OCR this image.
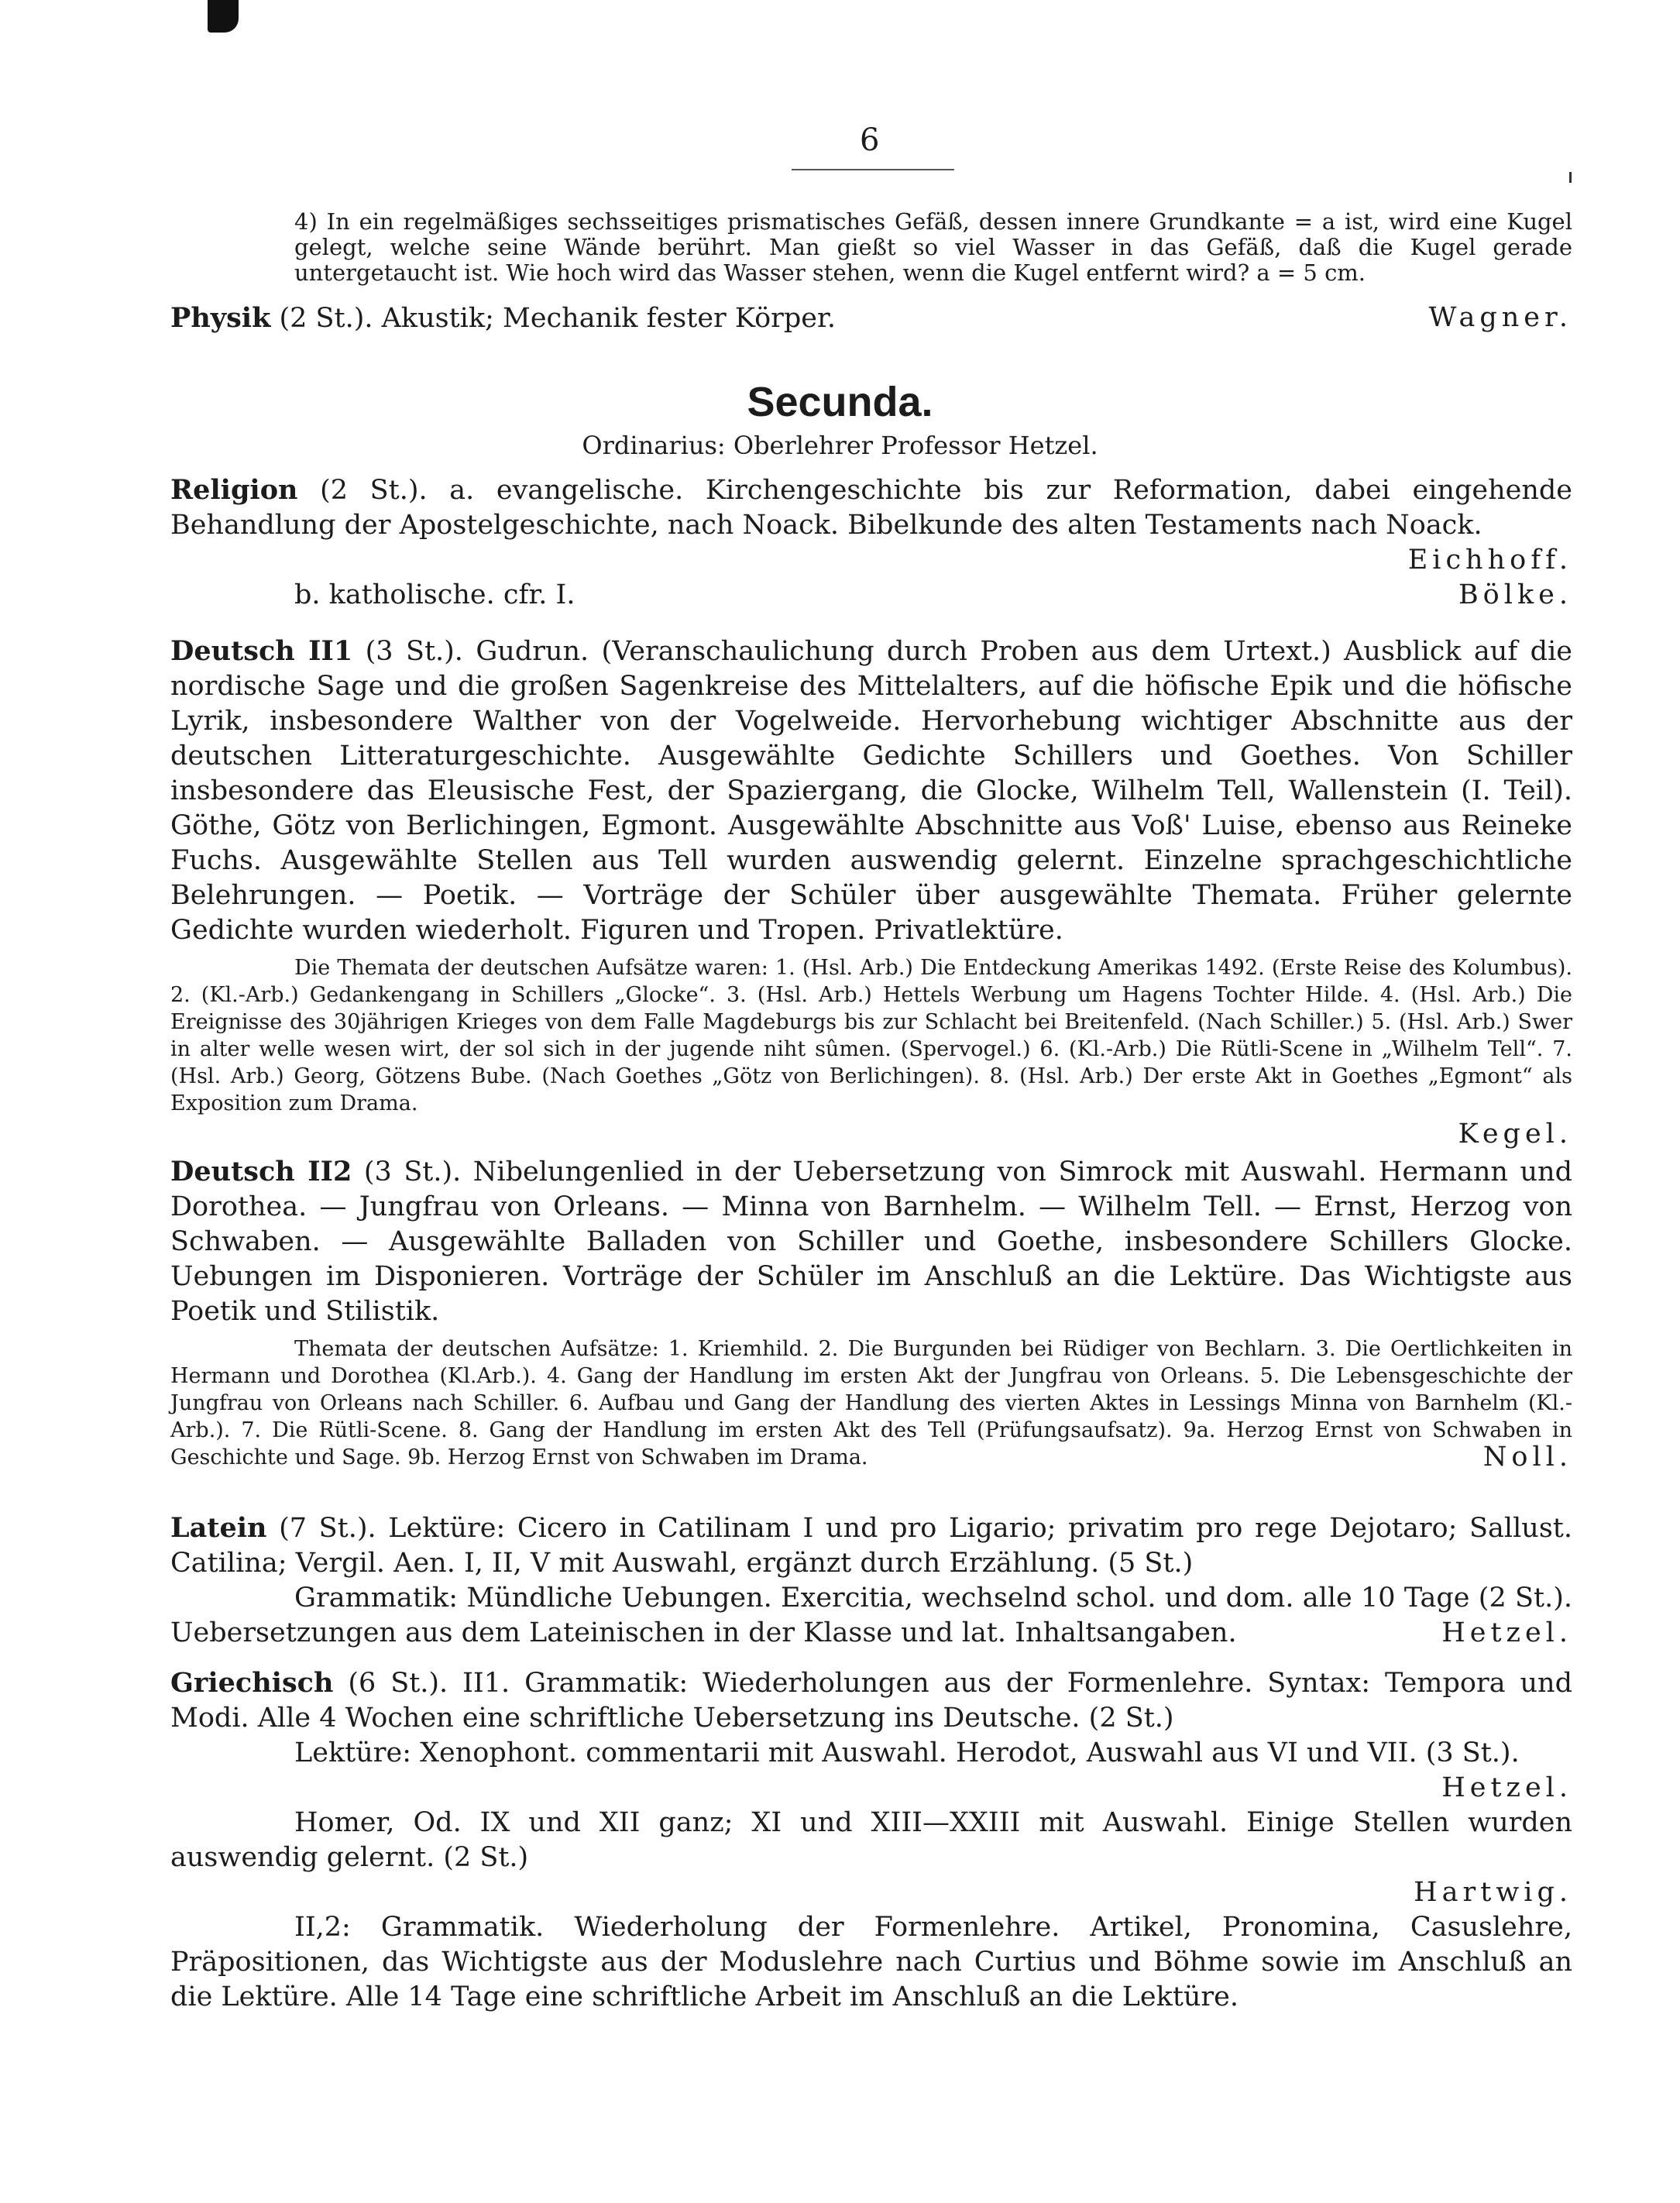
6

4) In ein regelmäßiges sechsseitiges prismatisches Gefäß, dessen innere Grundkante = a ist, wird eine Kugel gelegt, welche seine Wände berührt. Man gießt so viel Wasser in das Gefäß, daß die Kugel gerade untergetaucht ist. Wie hoch wird das Wasser stehen, wenn die Kugel entfernt wird? a = 5 cm.

Physik (2 St.). Akustik; Mechanik fester Körper.	Wagner.

Secunda.
Ordinarius: Oberlehrer Professor Hetzel.

Religion (2 St.). a. evangelische. Kirchengeschichte bis zur Reformation, dabei eingehende Behandlung der Apostelgeschichte, nach Noack. Bibelkunde des alten Testaments nach Noack.

Eichhoff.

b. katholische. cfr. I.	Bölke.

Deutsch II1 (3 St.). Gudrun. (Veranschaulichung durch Proben aus dem Urtext.) Ausblick auf die nordische Sage und die großen Sagenkreise des Mittelalters, auf die höfische Epik und die höfische Lyrik, insbesondere Walther von der Vogelweide. Hervorhebung wichtiger Abschnitte aus der deutschen Litteraturgeschichte. Ausgewählte Gedichte Schillers und Goethes. Von Schiller insbesondere das Eleusische Fest, der Spaziergang, die Glocke, Wilhelm Tell, Wallenstein (I. Teil). Göthe, Götz von Berlichingen, Egmont. Ausgewählte Abschnitte aus Voß' Luise, ebenso aus Reineke Fuchs. Ausgewählte Stellen aus Tell wurden auswendig gelernt. Einzelne sprachgeschichtliche Belehrungen. — Poetik. — Vorträge der Schüler über ausgewählte Themata. Früher gelernte Gedichte wurden wiederholt. Figuren und Tropen. Privatlektüre.

Die Themata der deutschen Aufsätze waren: 1. (Hsl. Arb.) Die Entdeckung Amerikas 1492. (Erste Reise des Kolumbus). 2. (Kl.-Arb.) Gedankengang in Schillers „Glocke“. 3. (Hsl. Arb.) Hettels Werbung um Hagens Tochter Hilde. 4. (Hsl. Arb.) Die Ereignisse des 30jährigen Krieges von dem Falle Magdeburgs bis zur Schlacht bei Breitenfeld. (Nach Schiller.) 5. (Hsl. Arb.) Swer in alter welle wesen wirt, der sol sich in der jugende niht sûmen. (Spervogel.) 6. (Kl.-Arb.) Die Rütli-Scene in „Wilhelm Tell“. 7. (Hsl. Arb.) Georg, Götzens Bube. (Nach Goethes „Götz von Berlichingen). 8. (Hsl. Arb.) Der erste Akt in Goethes „Egmont“ als Exposition zum Drama.

Kegel.

Deutsch II2 (3 St.). Nibelungenlied in der Uebersetzung von Simrock mit Auswahl. Hermann und Dorothea. — Jungfrau von Orleans. — Minna von Barnhelm. — Wilhelm Tell. — Ernst, Herzog von Schwaben. — Ausgewählte Balladen von Schiller und Goethe, insbesondere Schillers Glocke. Uebungen im Disponieren. Vorträge der Schüler im Anschluß an die Lektüre. Das Wichtigste aus Poetik und Stilistik.

Themata der deutschen Aufsätze: 1. Kriemhild. 2. Die Burgunden bei Rüdiger von Bechlarn. 3. Die Oertlichkeiten in Hermann und Dorothea (Kl.Arb.). 4. Gang der Handlung im ersten Akt der Jungfrau von Orleans. 5. Die Lebensgeschichte der Jungfrau von Orleans nach Schiller. 6. Aufbau und Gang der Handlung des vierten Aktes in Lessings Minna von Barnhelm (Kl.-Arb.). 7. Die Rütli-Scene. 8. Gang der Handlung im ersten Akt des Tell (Prüfungsaufsatz). 9a. Herzog Ernst von Schwaben in Geschichte und Sage. 9b. Herzog Ernst von Schwaben im Drama.	Noll.

Latein (7 St.). Lektüre: Cicero in Catilinam I und pro Ligario; privatim pro rege Dejotaro; Sallust. Catilina; Vergil. Aen. I, II, V mit Auswahl, ergänzt durch Erzählung. (5 St.)

Grammatik: Mündliche Uebungen. Exercitia, wechselnd schol. und dom. alle 10 Tage (2 St.). Uebersetzungen aus dem Lateinischen in der Klasse und lat. Inhaltsangaben.	Hetzel.

Griechisch (6 St.). II1. Grammatik: Wiederholungen aus der Formenlehre. Syntax: Tempora und Modi. Alle 4 Wochen eine schriftliche Uebersetzung ins Deutsche. (2 St.)

Lektüre: Xenophont. commentarii mit Auswahl. Herodot, Auswahl aus VI und VII. (3 St.).

Hetzel.

Homer, Od. IX und XII ganz; XI und XIII—XXIII mit Auswahl. Einige Stellen wurden auswendig gelernt. (2 St.)

Hartwig.

II,2: Grammatik. Wiederholung der Formenlehre. Artikel, Pronomina, Casuslehre, Präpositionen, das Wichtigste aus der Moduslehre nach Curtius und Böhme sowie im Anschluß an die Lektüre. Alle 14 Tage eine schriftliche Arbeit im Anschluß an die Lektüre.
